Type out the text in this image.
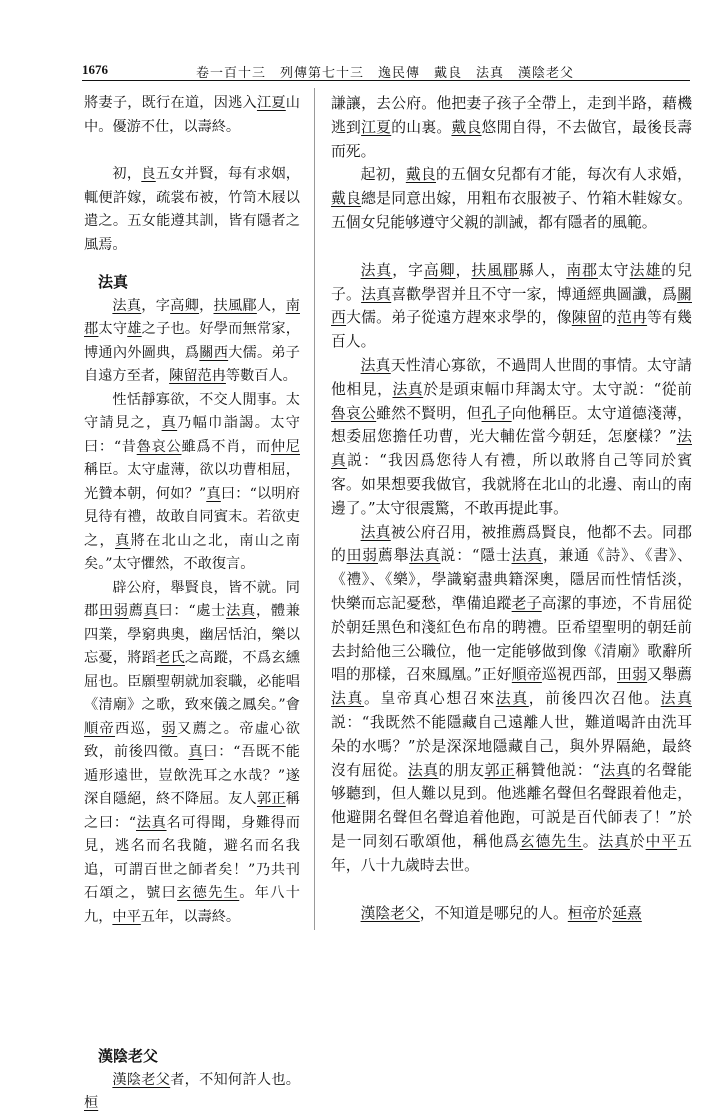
1676	卷一百十三　列傳第七十三　逸民傳　戴良　法真　漢陰老父

將妻子，既行在道，因逃入江夏山中。優游不仕，以壽終。

初，良五女并賢，每有求姻，輒便許嫁，疏裳布被，竹笥木屐以遣之。五女能遵其訓，皆有隱者之風焉。

法真

法真，字高卿，扶風郿人，南郡太守雄之子也。好學而無常家，博通內外圖典，爲關西大儒。弟子自遠方至者，陳留范冉等數百人。

性恬靜寡欲，不交人閒事。太守請見之，真乃幅巾詣謁。太守曰：“昔魯哀公雖爲不肖，而仲尼稱臣。太守虛薄，欲以功曹相屈，光贊本朝，何如？”真曰：“以明府見待有禮，故敢自同賓末。若欲吏之，真將在北山之北，南山之南矣。”太守懼然，不敢復言。

辟公府，舉賢良，皆不就。同郡田弱薦真曰：“處士法真，體兼四業，學窮典奧，幽居恬泊，樂以忘憂，將蹈老氏之高蹤，不爲玄纁屈也。臣願聖朝就加衮職，必能唱《清廟》之歌，致來儀之鳳矣。”會順帝西巡，弱又薦之。帝虛心欲致，前後四徵。真曰：“吾既不能遁形遠世，豈飲洗耳之水哉？”遂深自隱絕，終不降屈。友人郭正稱之曰：“法真名可得聞，身難得而見，逃名而名我隨，避名而名我追，可謂百世之師者矣！”乃共刊石頌之，號曰玄德先生。年八十九，中平五年，以壽終。

漢陰老父

漢陰老父者，不知何許人也。桓

謙讓，去公府。他把妻子孩子全帶上，走到半路，藉機逃到江夏的山裏。戴良悠閒自得，不去做官，最後長壽而死。

起初，戴良的五個女兒都有才能，每次有人求婚，戴良總是同意出嫁，用粗布衣服被子、竹箱木鞋嫁女。五個女兒能够遵守父親的訓誡，都有隱者的風範。

法真，字高卿，扶風郿縣人，南郡太守法雄的兒子。法真喜歡學習并且不守一家，博通經典圖讖，爲關西大儒。弟子從遠方趕來求學的，像陳留的范冉等有幾百人。

法真天性清心寡欲，不過問人世間的事情。太守請他相見，法真於是頭束幅巾拜謁太守。太守説：“從前魯哀公雖然不賢明，但孔子向他稱臣。太守道德淺薄，想委屈您擔任功曹，光大輔佐當今朝廷，怎麼樣？”法真説：“我因爲您待人有禮，所以敢將自己等同於賓客。如果想要我做官，我就將在北山的北邊、南山的南邊了。”太守很震驚，不敢再提此事。

法真被公府召用，被推薦爲賢良，他都不去。同郡的田弱薦舉法真説：“隱士法真，兼通《詩》、《書》、《禮》、《樂》，學識窮盡典籍深奧，隱居而性情恬淡，快樂而忘記憂愁，準備追蹤老子高潔的事迹，不肯屈從於朝廷黑色和淺紅色布帛的聘禮。臣希望聖明的朝廷前去封給他三公職位，他一定能够做到像《清廟》歌辭所唱的那樣，召來鳳凰。”正好順帝巡視西部，田弱又舉薦法真。皇帝真心想召來法真，前後四次召他。法真説：“我既然不能隱藏自己遠離人世，難道喝許由洗耳朵的水嗎？”於是深深地隱藏自己，與外界隔絶，最終沒有屈從。法真的朋友郭正稱贊他説：“法真的名聲能够聽到，但人難以見到。他逃離名聲但名聲跟着他走，他避開名聲但名聲追着他跑，可説是百代師表了！”於是一同刻石歌頌他，稱他爲玄德先生。法真於中平五年，八十九歲時去世。

漢陰老父，不知道是哪兒的人。桓帝於延熹
